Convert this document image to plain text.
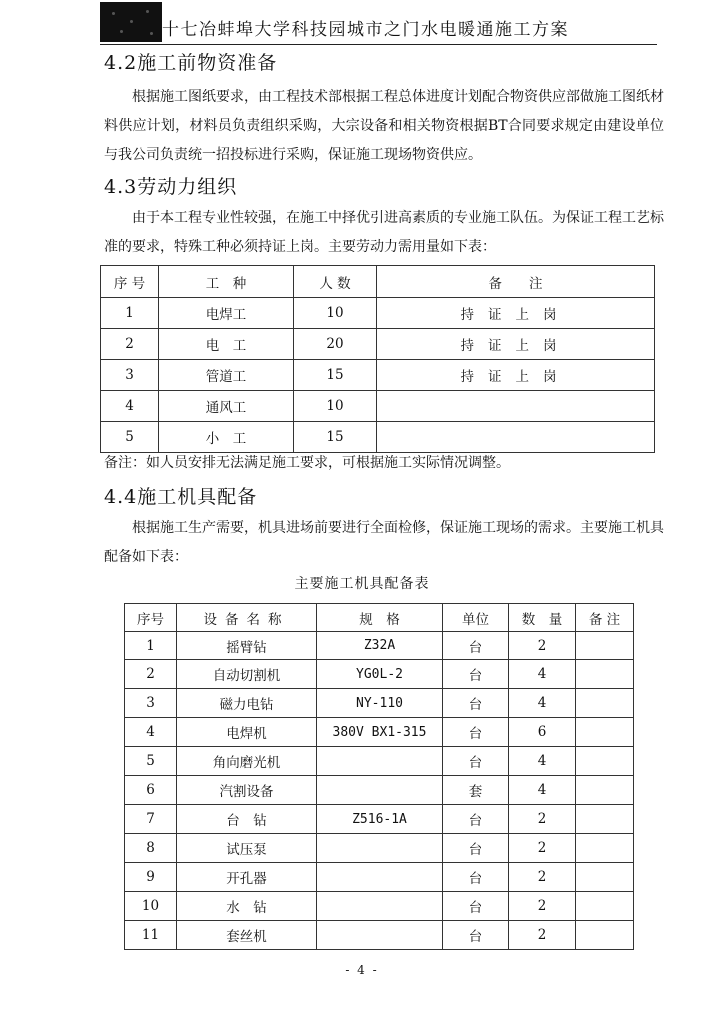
十七冶蚌埠大学科技园城市之门水电暖通施工方案
4.2施工前物资准备

根据施工图纸要求，由工程技术部根据工程总体进度计划配合物资供应部做施工图纸材料供应计划，材料员负责组织采购，大宗设备和相关物资根据BT合同要求规定由建设单位与我公司负责统一招投标进行采购，保证施工现场物资供应。

4.3劳动力组织

由于本工程专业性较强，在施工中择优引进高素质的专业施工队伍。为保证工程工艺标准的要求，特殊工种必须持证上岗。主要劳动力需用量如下表：

序 号	工　种	人 数	备　　注
1	电焊工	10	持证上岗
2	电　工	20	持证上岗
3	管道工	15	持证上岗
4	通风工	10	
5	小　工	15	
备注：如人员安排无法满足施工要求，可根据施工实际情况调整。
4.4施工机具配备

根据施工生产需要，机具进场前要进行全面检修，保证施工现场的需求。主要施工机具配备如下表：

主要施工机具配备表
序号	设备名称	规　格	单位	数　量	备 注
1	摇臂钻	Z32A	台	2	
2	自动切割机	YG0L-2	台	4	
3	磁力电钻	NY-110	台	4	
4	电焊机	380V BX1-315	台	6	
5	角向磨光机		台	4	
6	汽割设备		套	4	
7	台　钻	Z516-1A	台	2	
8	试压泵		台	2	
9	开孔器		台	2	
10	水　钻		台	2	
11	套丝机		台	2	
- 4 -
